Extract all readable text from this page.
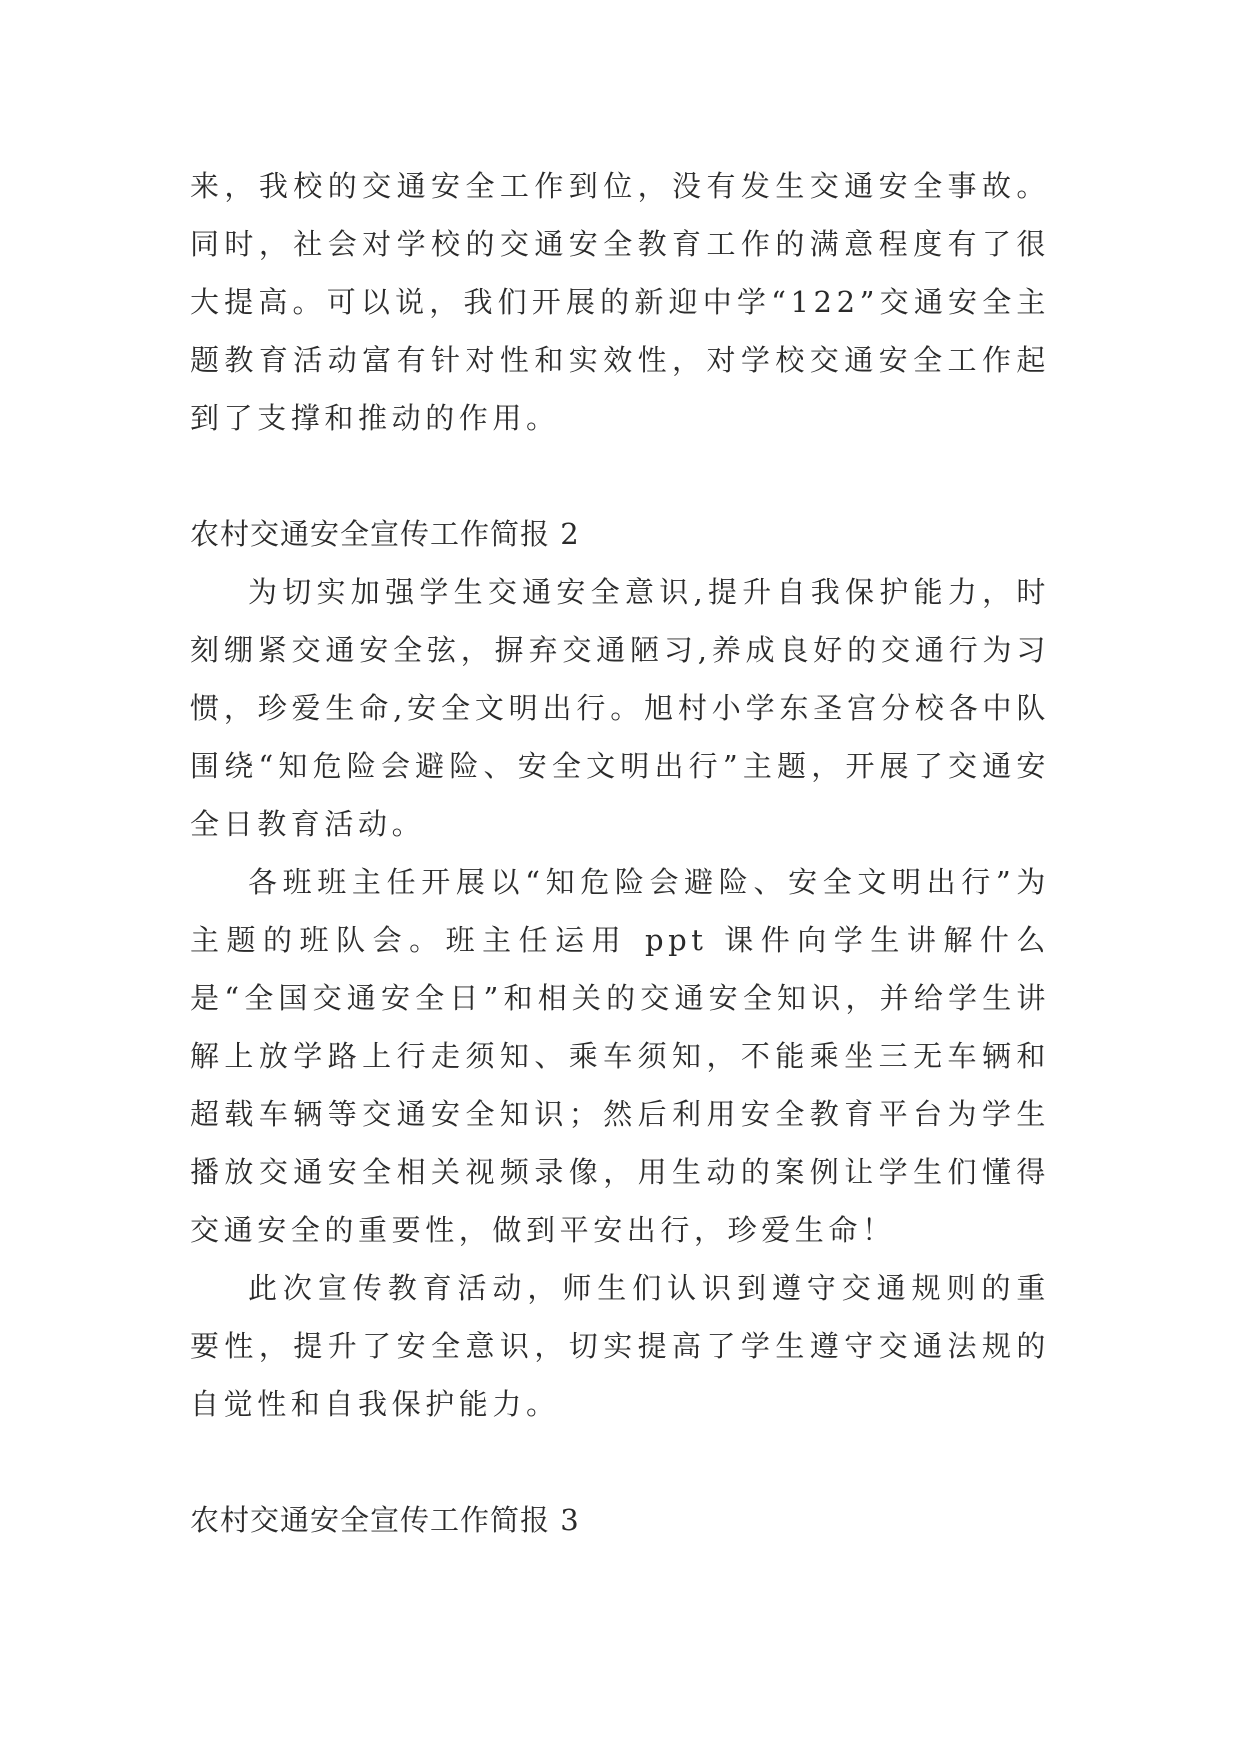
来，我校的交通安全工作到位，没有发生交通安全事故。同时，社会对学校的交通安全教育工作的满意程度有了很大提高。可以说，我们开展的新迎中学“122”交通安全主题教育活动富有针对性和实效性，对学校交通安全工作起到了支撑和推动的作用。

农村交通安全宣传工作简报 2

为切实加强学生交通安全意识,提升自我保护能力，时刻绷紧交通安全弦，摒弃交通陋习,养成良好的交通行为习惯，珍爱生命,安全文明出行。旭村小学东圣宫分校各中队围绕“知危险会避险、安全文明出行”主题，开展了交通安全日教育活动。

各班班主任开展以“知危险会避险、安全文明出行”为主题的班队会。班主任运用 ppt 课件向学生讲解什么是“全国交通安全日”和相关的交通安全知识，并给学生讲解上放学路上行走须知、乘车须知，不能乘坐三无车辆和超载车辆等交通安全知识；然后利用安全教育平台为学生播放交通安全相关视频录像，用生动的案例让学生们懂得交通安全的重要性，做到平安出行，珍爱生命！

此次宣传教育活动，师生们认识到遵守交通规则的重要性，提升了安全意识，切实提高了学生遵守交通法规的自觉性和自我保护能力。

农村交通安全宣传工作简报 3
